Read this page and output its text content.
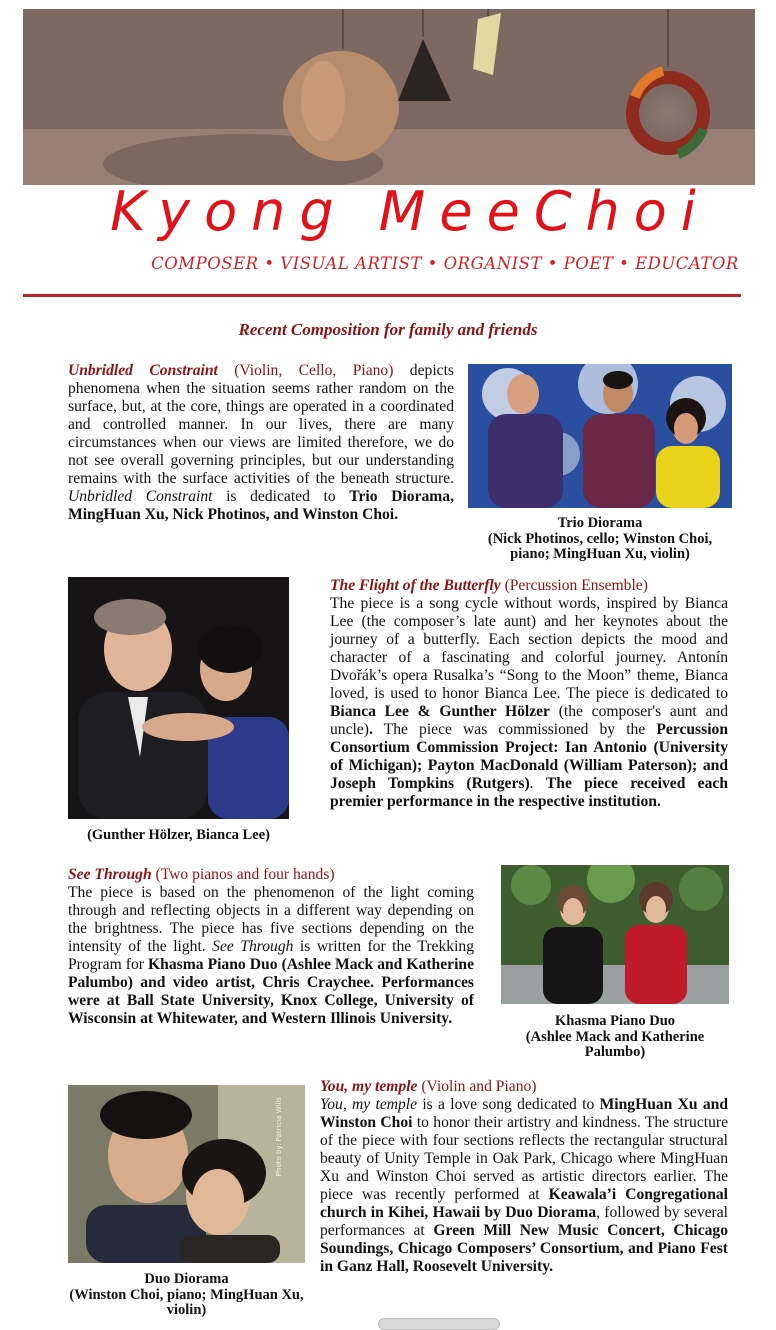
Kyong MeeChoi
COMPOSER • VISUAL ARTIST • ORGANIST • POET • EDUCATOR
Recent Composition for family and friends

Unbridled Constraint (Violin, Cello, Piano) depicts phenomena when the situation seems rather random on the surface, but, at the core, things are operated in a coordinated and controlled manner. In our lives, there are many circumstances when our views are limited therefore, we do not see overall governing principles, but our understanding remains with the surface activities of the beneath structure. Unbridled Constraint is dedicated to Trio Diorama, MingHuan Xu, Nick Photinos, and Winston Choi.	Trio Diorama

(Nick Photinos, cello; Winston Choi, piano; MingHuan Xu, violin)

(Gunther Hölzer, Bianca Lee)

The Flight of the Butterfly (Percussion Ensemble)
The piece is a song cycle without words, inspired by Bianca Lee (the composer’s late aunt) and her keynotes about the journey of a butterfly. Each section depicts the mood and character of a fascinating and colorful journey. Antonín Dvořák’s opera Rusalka’s “Song to the Moon” theme, Bianca loved, is used to honor Bianca Lee. The piece is dedicated to Bianca Lee & Gunther Hölzer (the composer's aunt and uncle). The piece was commissioned by the Percussion Consortium Commission Project: Ian Antonio (University of Michigan); Payton MacDonald (William Paterson); and Joseph Tompkins (Rutgers). The piece received each premier performance in the respective institution.

See Through (Two pianos and four hands)
The piece is based on the phenomenon of the light coming through and reflecting objects in a different way depending on the brightness. The piece has five sections depending on the intensity of the light. See Through is written for the Trekking Program for Khasma Piano Duo (Ashlee Mack and Katherine Palumbo) and video artist, Chris Craychee. Performances were at Ball State University, Knox College, University of Wisconsin at Whitewater, and Western Illinois University.	Khasma Piano Duo

(Ashlee Mack and Katherine Palumbo)

Photo by: Patricia Wills

Duo Diorama

(Winston Choi, piano; MingHuan Xu, violin)

You, my temple (Violin and Piano)
You, my temple is a love song dedicated to MingHuan Xu and Winston Choi to honor their artistry and kindness. The structure of the piece with four sections reflects the rectangular structural beauty of Unity Temple in Oak Park, Chicago where MingHuan Xu and Winston Choi served as artistic directors earlier. The piece was recently performed at Keawala’i Congregational church in Kihei, Hawaii by Duo Diorama, followed by several performances at Green Mill New Music Concert, Chicago Soundings, Chicago Composers’ Consortium, and Piano Fest in Ganz Hall, Roosevelt University.
